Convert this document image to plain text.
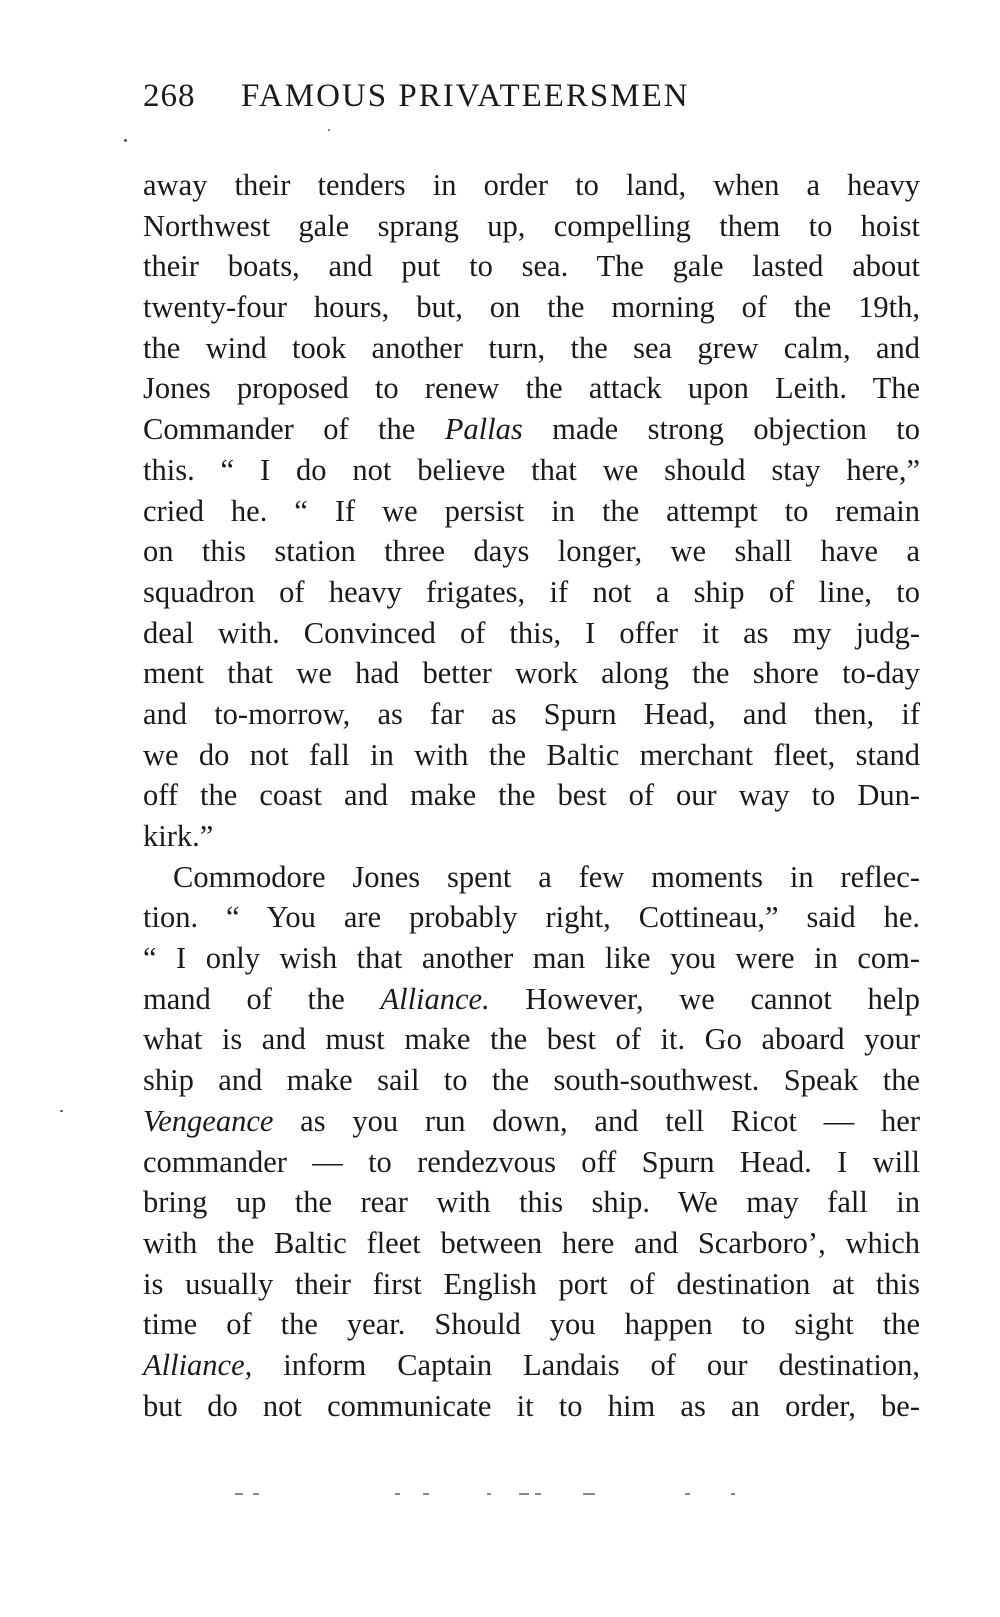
268 FAMOUS PRIVATEERSMEN
away their tenders in order to land, when a heavy
Northwest gale sprang up, compelling them to hoist
their boats, and put to sea. The gale lasted about
twenty-four hours, but, on the morning of the 19th,
the wind took another turn, the sea grew calm, and
Jones proposed to renew the attack upon Leith. The
Commander of the Pallas made strong objection to
this. “ I do not believe that we should stay here,”
cried he. “ If we persist in the attempt to remain
on this station three days longer, we shall have a
squadron of heavy frigates, if not a ship of line, to
deal with. Convinced of this, I offer it as my judg-
ment that we had better work along the shore to-day
and to-morrow, as far as Spurn Head, and then, if
we do not fall in with the Baltic merchant fleet, stand
off the coast and make the best of our way to Dun-
kirk.”
Commodore Jones spent a few moments in reflec-
tion. “ You are probably right, Cottineau,” said he.
“ I only wish that another man like you were in com-
mand of the Alliance. However, we cannot help
what is and must make the best of it. Go aboard your
ship and make sail to the south-southwest. Speak the
Vengeance as you run down, and tell Ricot — her
commander — to rendezvous off Spurn Head. I will
bring up the rear with this ship. We may fall in
with the Baltic fleet between here and Scarboro’, which
is usually their first English port of destination at this
time of the year. Should you happen to sight the
Alliance, inform Captain Landais of our destination,
but do not communicate it to him as an order, be-
